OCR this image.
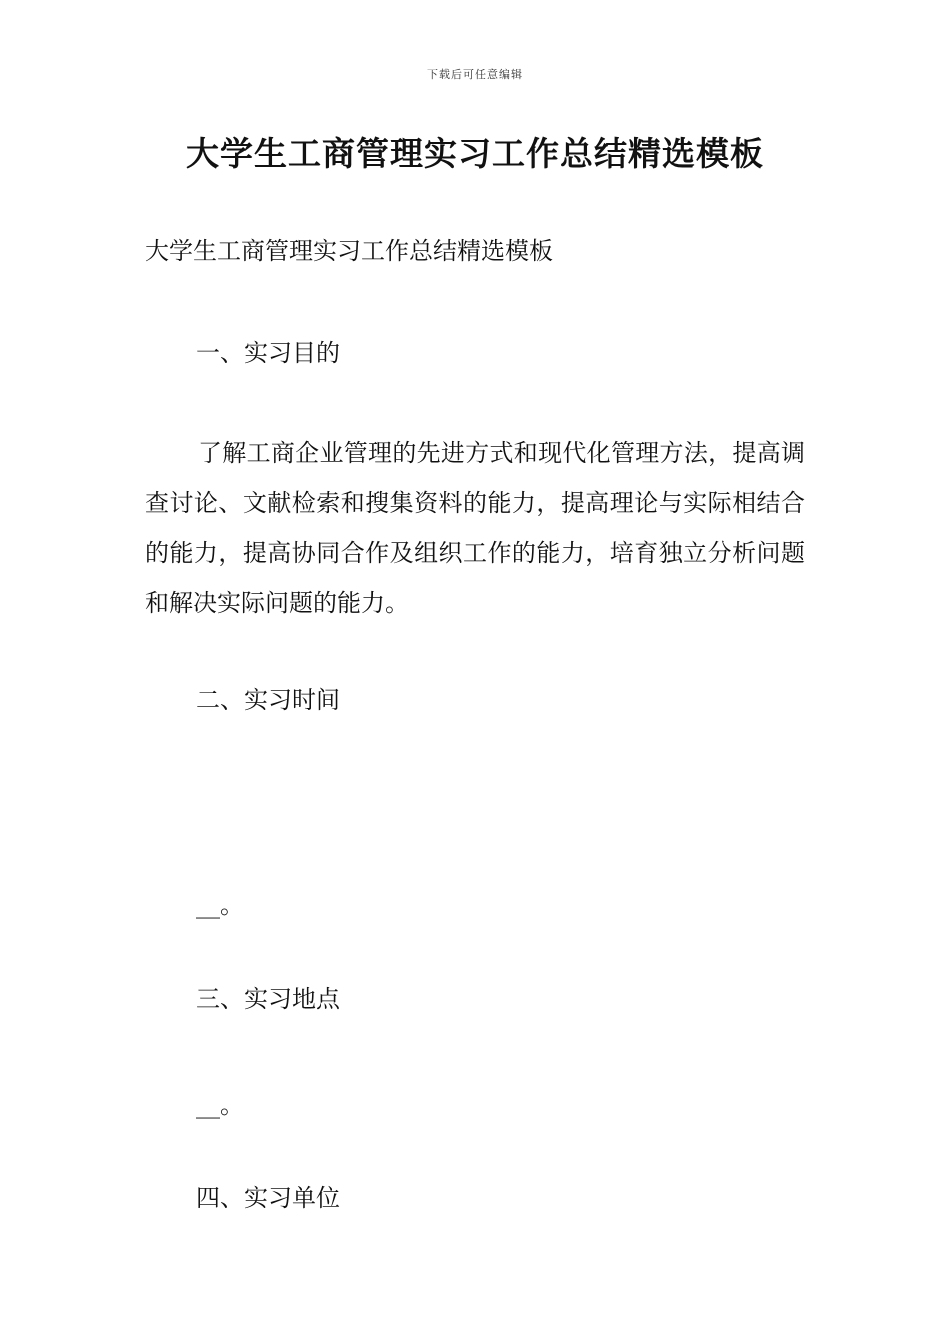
下载后可任意编辑
大学生工商管理实习工作总结精选模板

大学生工商管理实习工作总结精选模板

一、实习目的

了解工商企业管理的先进方式和现代化管理方法，提高调查讨论、文献检索和搜集资料的能力，提高理论与实际相结合的能力，提高协同合作及组织工作的能力，培育独立分析问题和解决实际问题的能力。

二、实习时间

__。

三、实习地点

__。

四、实习单位
